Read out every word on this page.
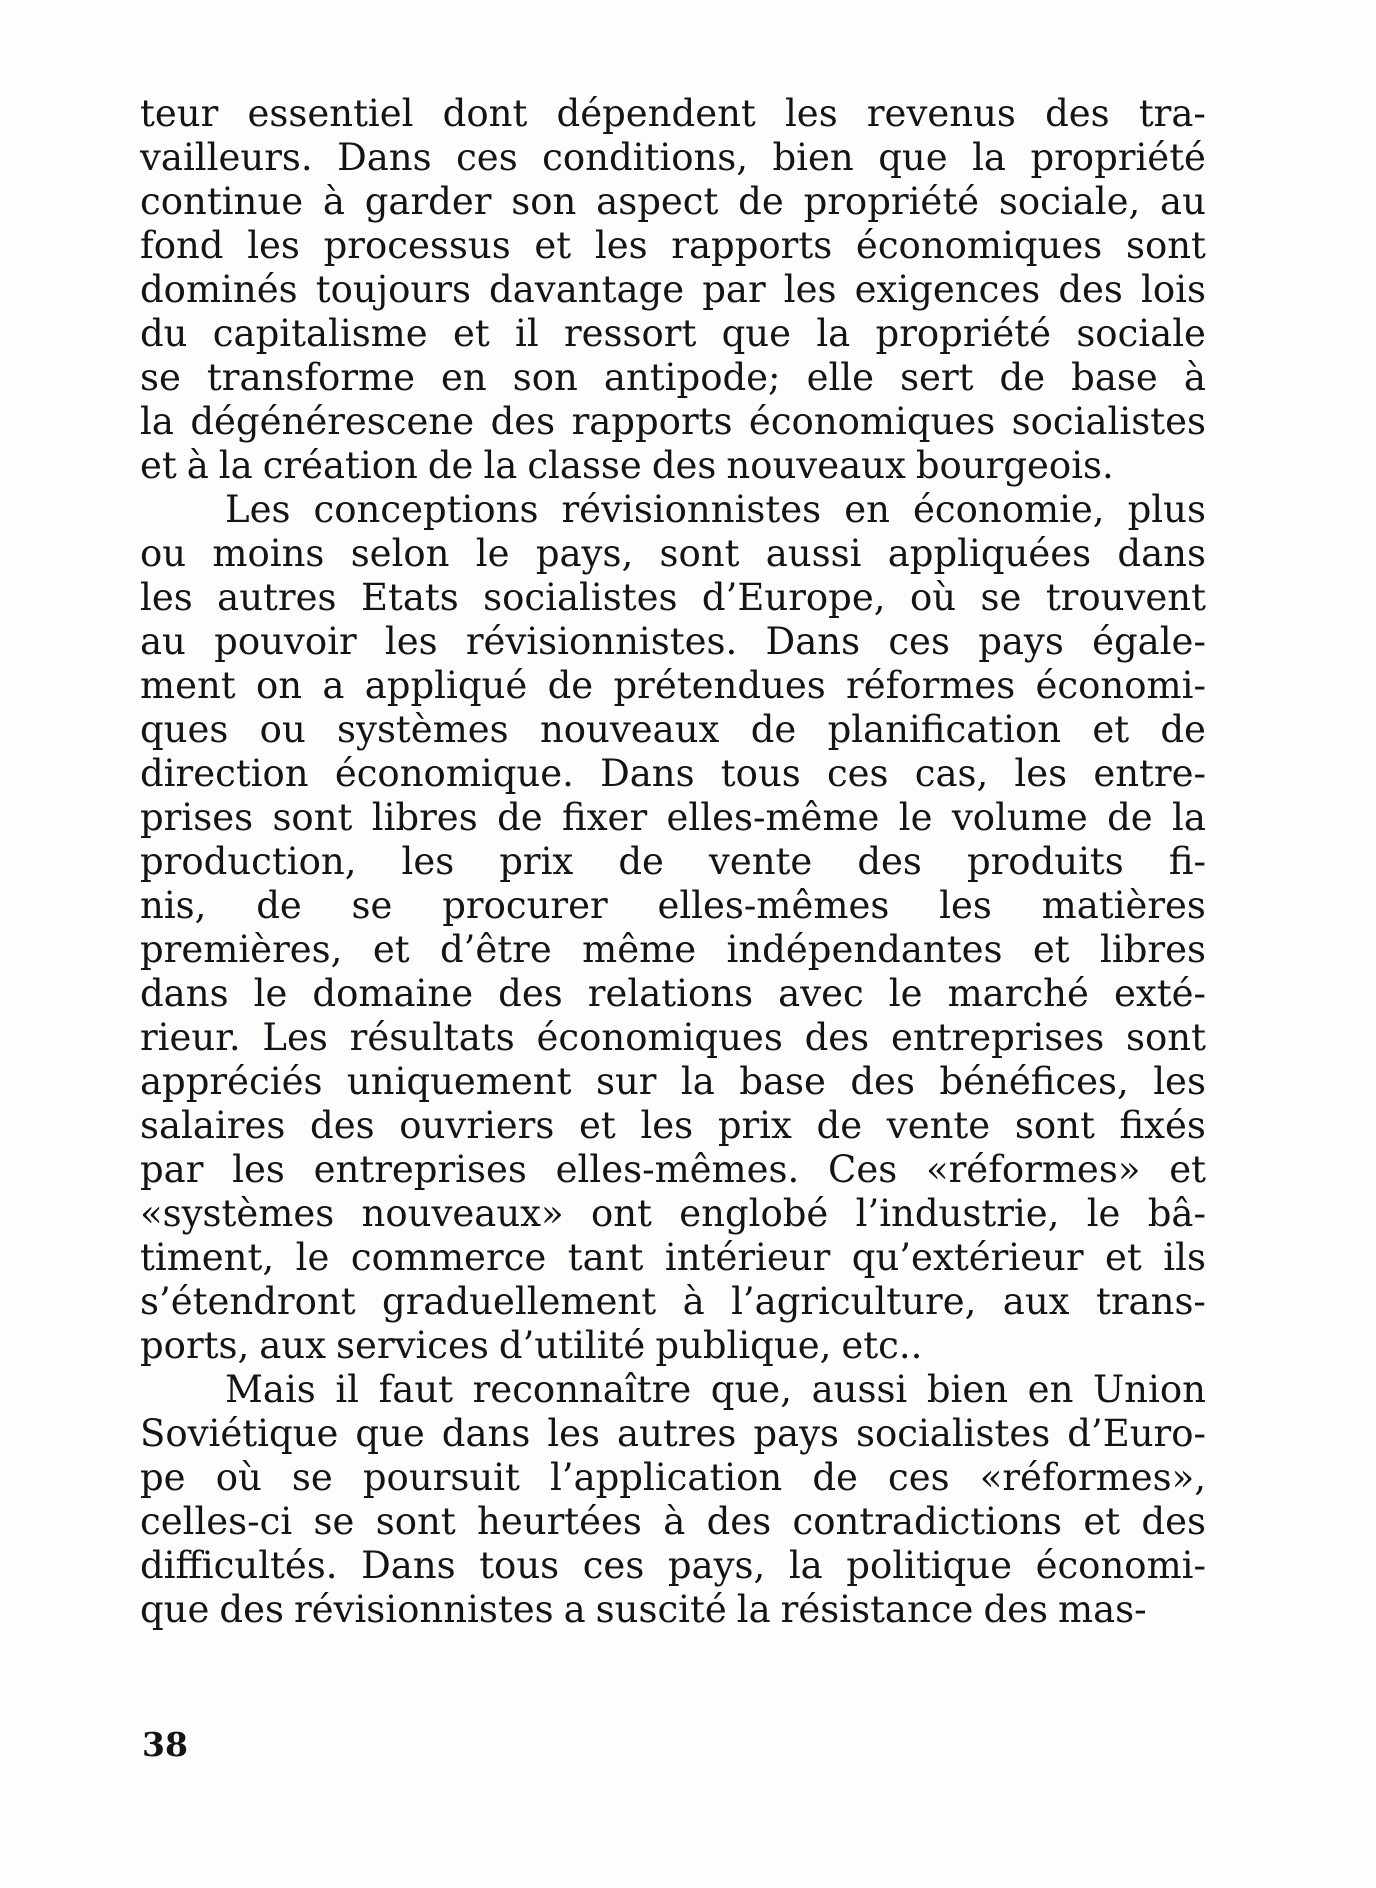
teur essentiel dont dépendent les revenus des tra-
vailleurs. Dans ces conditions, bien que la propriété
continue à garder son aspect de propriété sociale, au
fond les processus et les rapports économiques sont
dominés toujours davantage par les exigences des lois
du capitalisme et il ressort que la propriété sociale
se transforme en son antipode; elle sert de base à
la dégénérescene des rapports économiques socialistes
et à la création de la classe des nouveaux bourgeois.
Les conceptions révisionnistes en économie, plus
ou moins selon le pays, sont aussi appliquées dans
les autres Etats socialistes d’Europe, où se trouvent
au pouvoir les révisionnistes. Dans ces pays égale-
ment on a appliqué de prétendues réformes économi-
ques ou systèmes nouveaux de planification et de
direction économique. Dans tous ces cas, les entre-
prises sont libres de fixer elles-même le volume de la
production, les prix de vente des produits fi-
nis, de se procurer elles-mêmes les matières
premières, et d’être même indépendantes et libres
dans le domaine des relations avec le marché exté-
rieur. Les résultats économiques des entreprises sont
appréciés uniquement sur la base des bénéfices, les
salaires des ouvriers et les prix de vente sont fixés
par les entreprises elles-mêmes. Ces «réformes» et
«systèmes nouveaux» ont englobé l’industrie, le bâ-
timent, le commerce tant intérieur qu’extérieur et ils
s’étendront graduellement à l’agriculture, aux trans-
ports, aux services d’utilité publique, etc..
Mais il faut reconnaître que, aussi bien en Union
Soviétique que dans les autres pays socialistes d’Euro-
pe où se poursuit l’application de ces «réformes»,
celles-ci se sont heurtées à des contradictions et des
difficultés. Dans tous ces pays, la politique économi-
que des révisionnistes a suscité la résistance des mas-
38
